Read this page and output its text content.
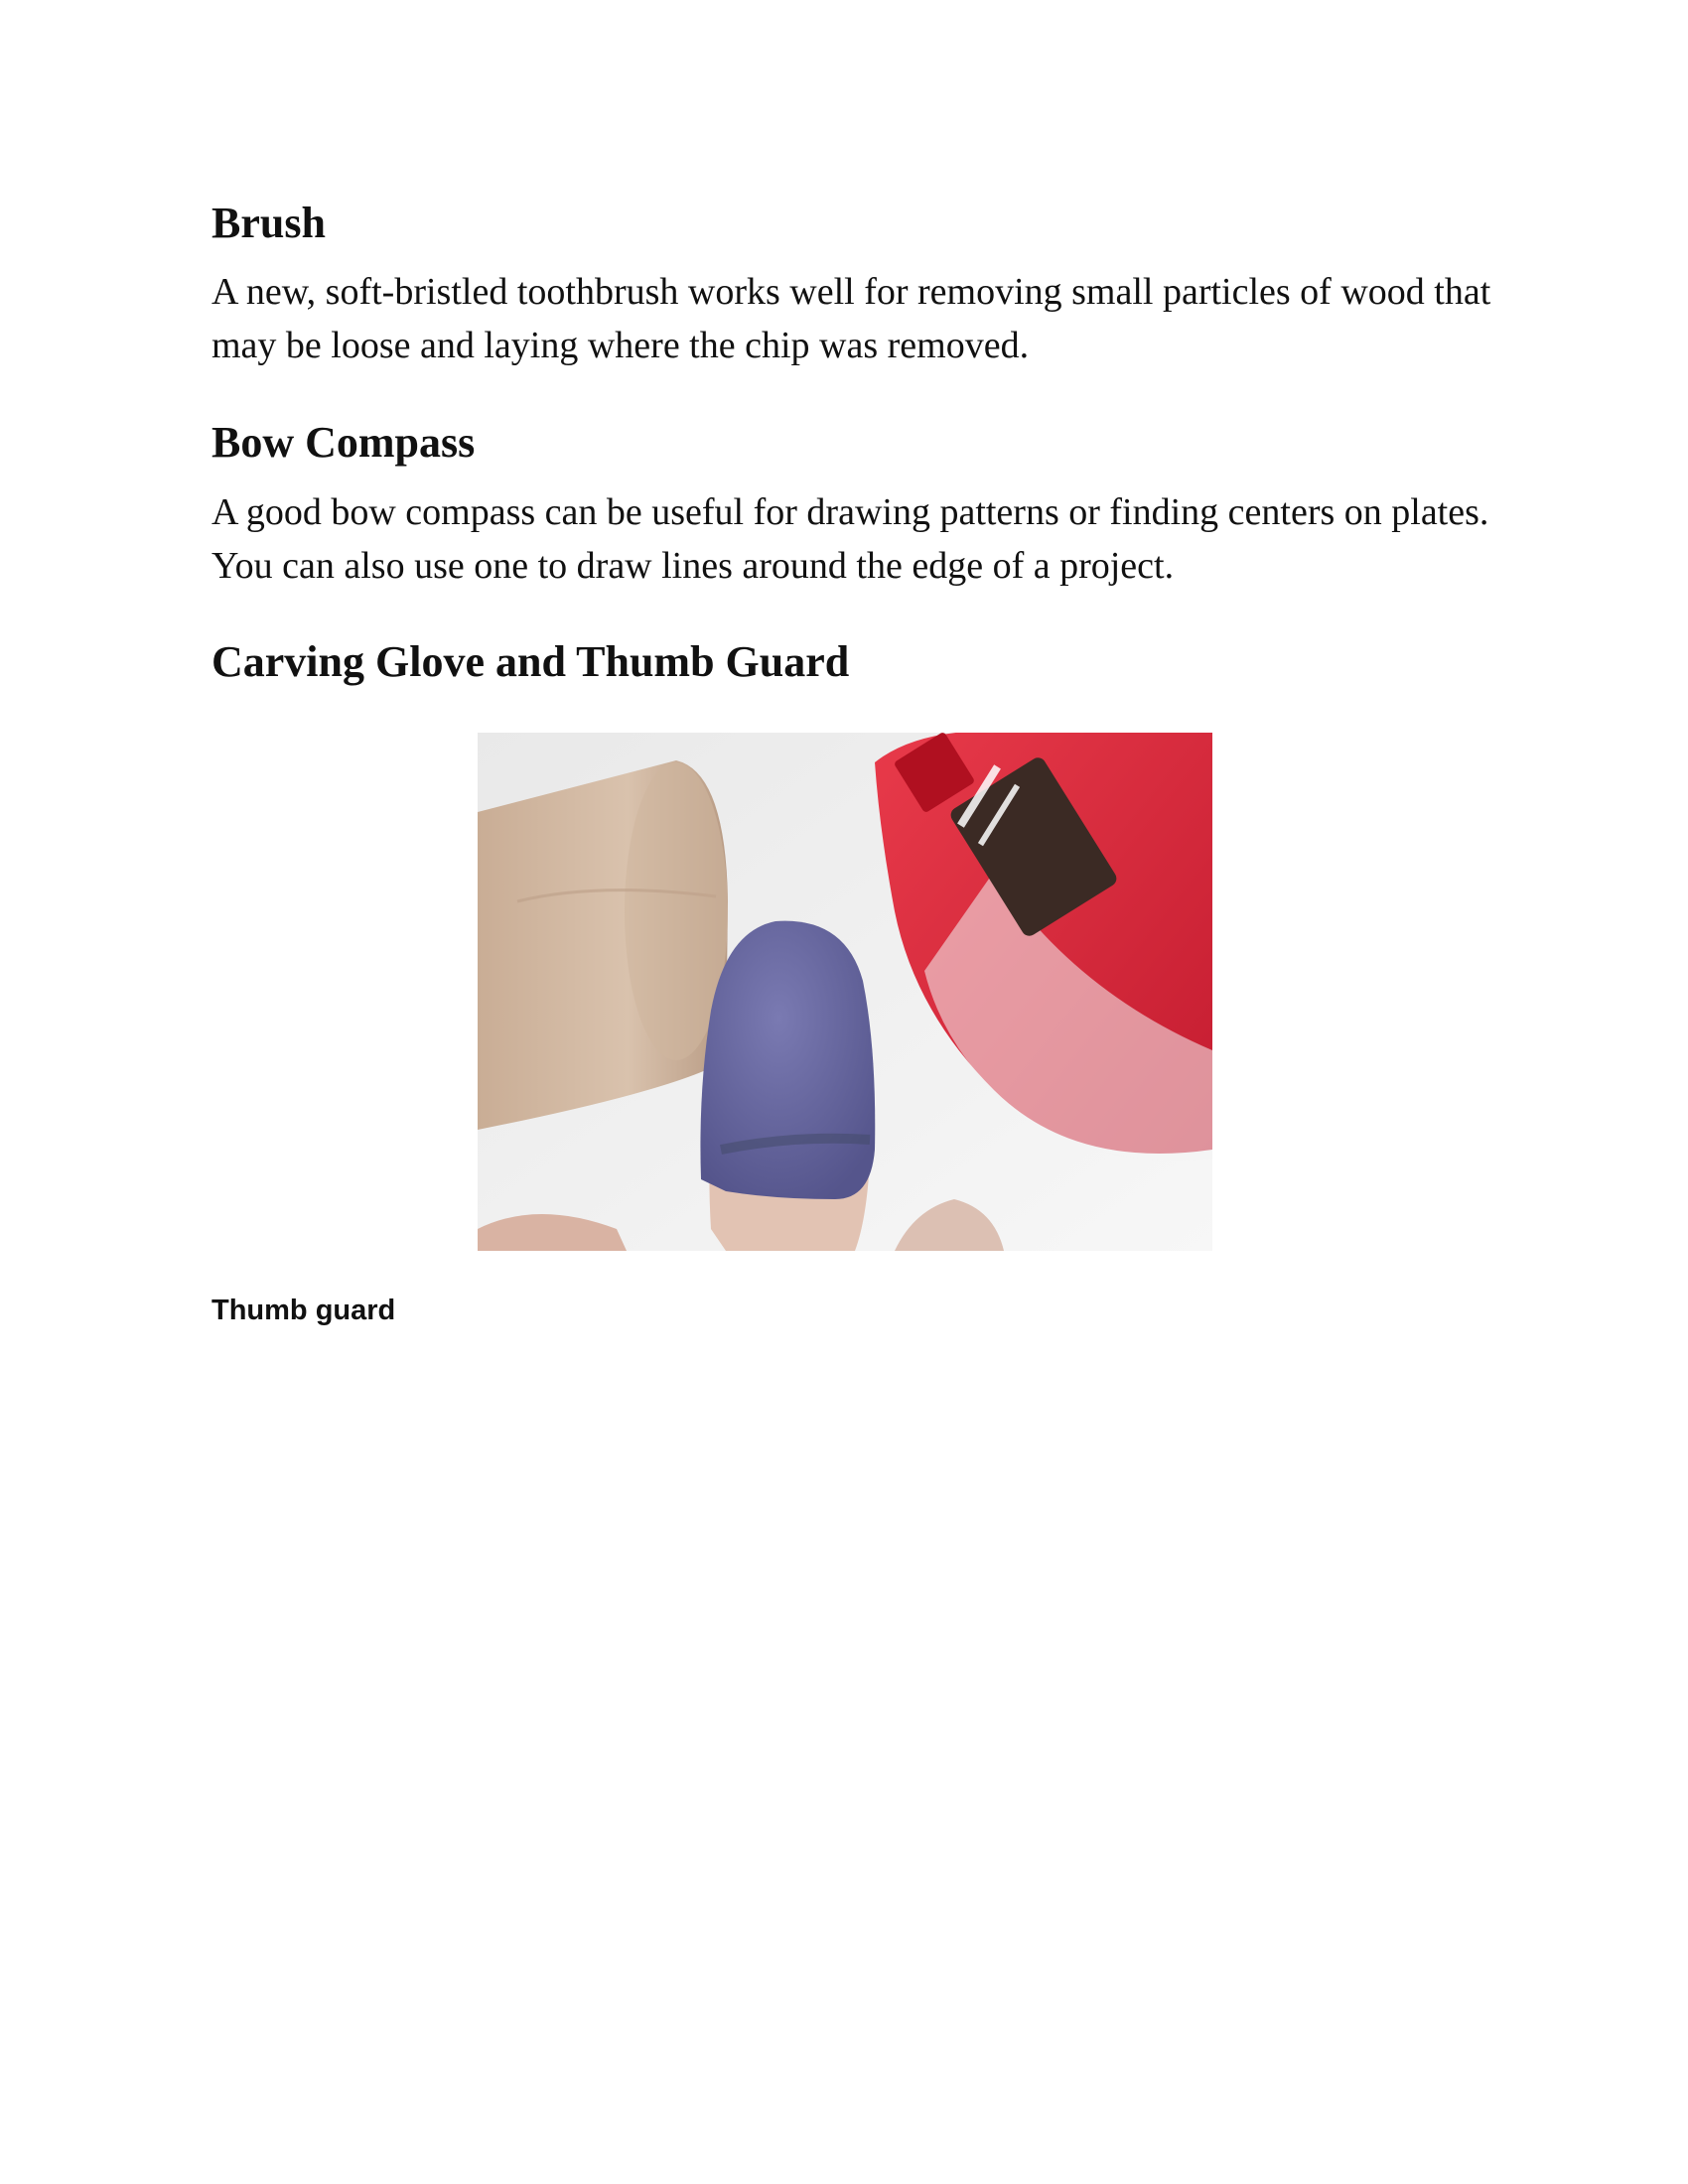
Brush

A new, soft-bristled toothbrush works well for removing small particles of wood that may be loose and laying where the chip was removed.

Bow Compass

A good bow compass can be useful for drawing patterns or finding centers on plates. You can also use one to draw lines around the edge of a project.

Carving Glove and Thumb Guard

Thumb guard
